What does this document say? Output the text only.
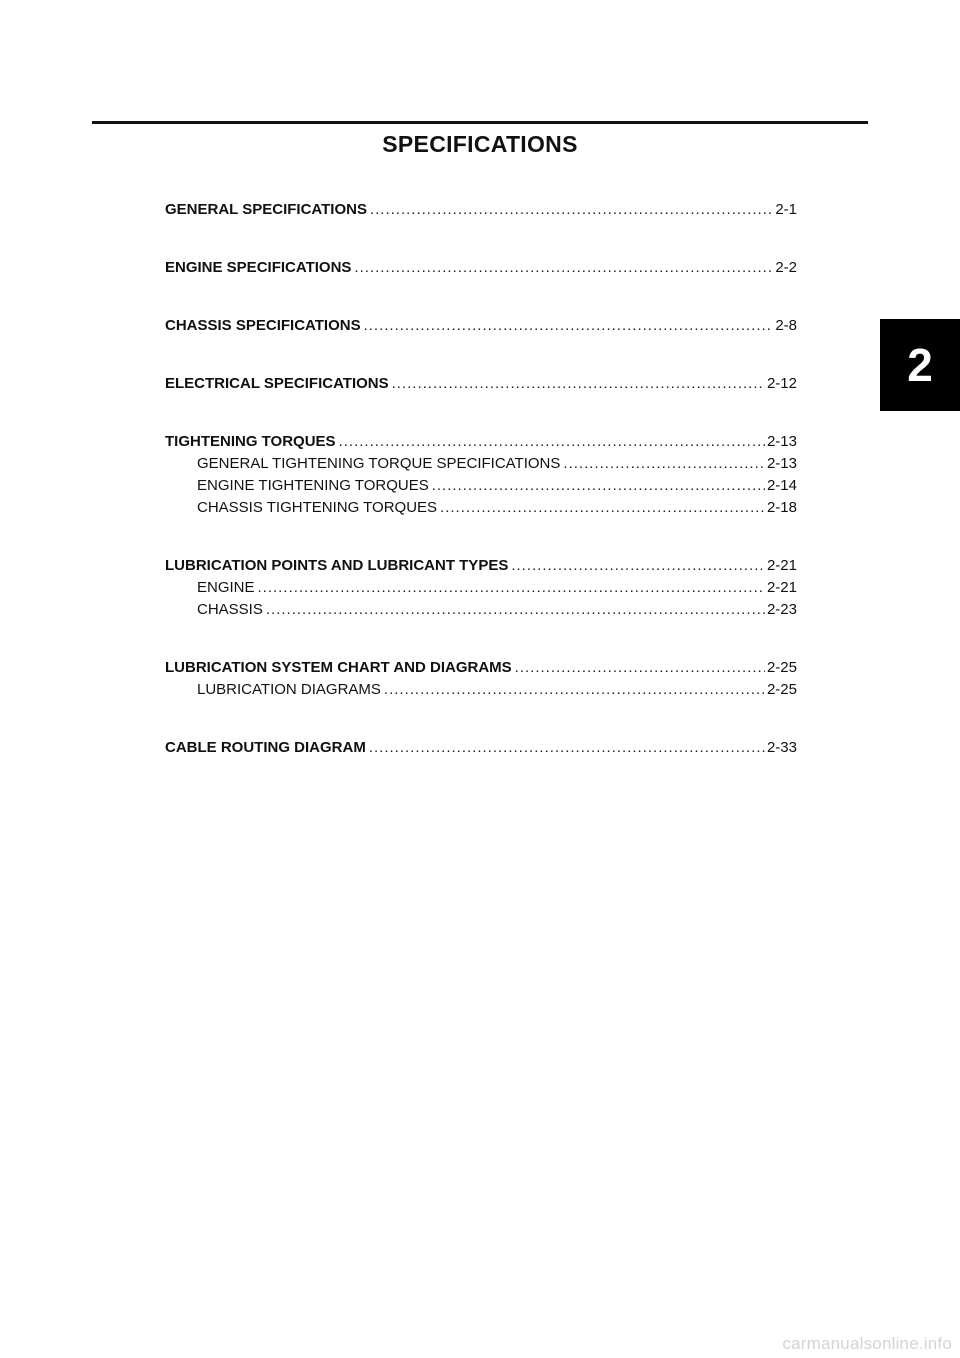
SPECIFICATIONS
GENERAL SPECIFICATIONS .....	2-1
ENGINE SPECIFICATIONS .....	2-2
CHASSIS SPECIFICATIONS .....	2-8
ELECTRICAL SPECIFICATIONS .....	2-12
TIGHTENING TORQUES .....	2-13
GENERAL TIGHTENING TORQUE SPECIFICATIONS .....	2-13
ENGINE TIGHTENING TORQUES .....	2-14
CHASSIS TIGHTENING TORQUES .....	2-18
LUBRICATION POINTS AND LUBRICANT TYPES .....	2-21
ENGINE .....	2-21
CHASSIS .....	2-23
LUBRICATION SYSTEM CHART AND DIAGRAMS .....	2-25
LUBRICATION DIAGRAMS .....	2-25
CABLE ROUTING DIAGRAM .....	2-33
2
carmanualsonline.info
